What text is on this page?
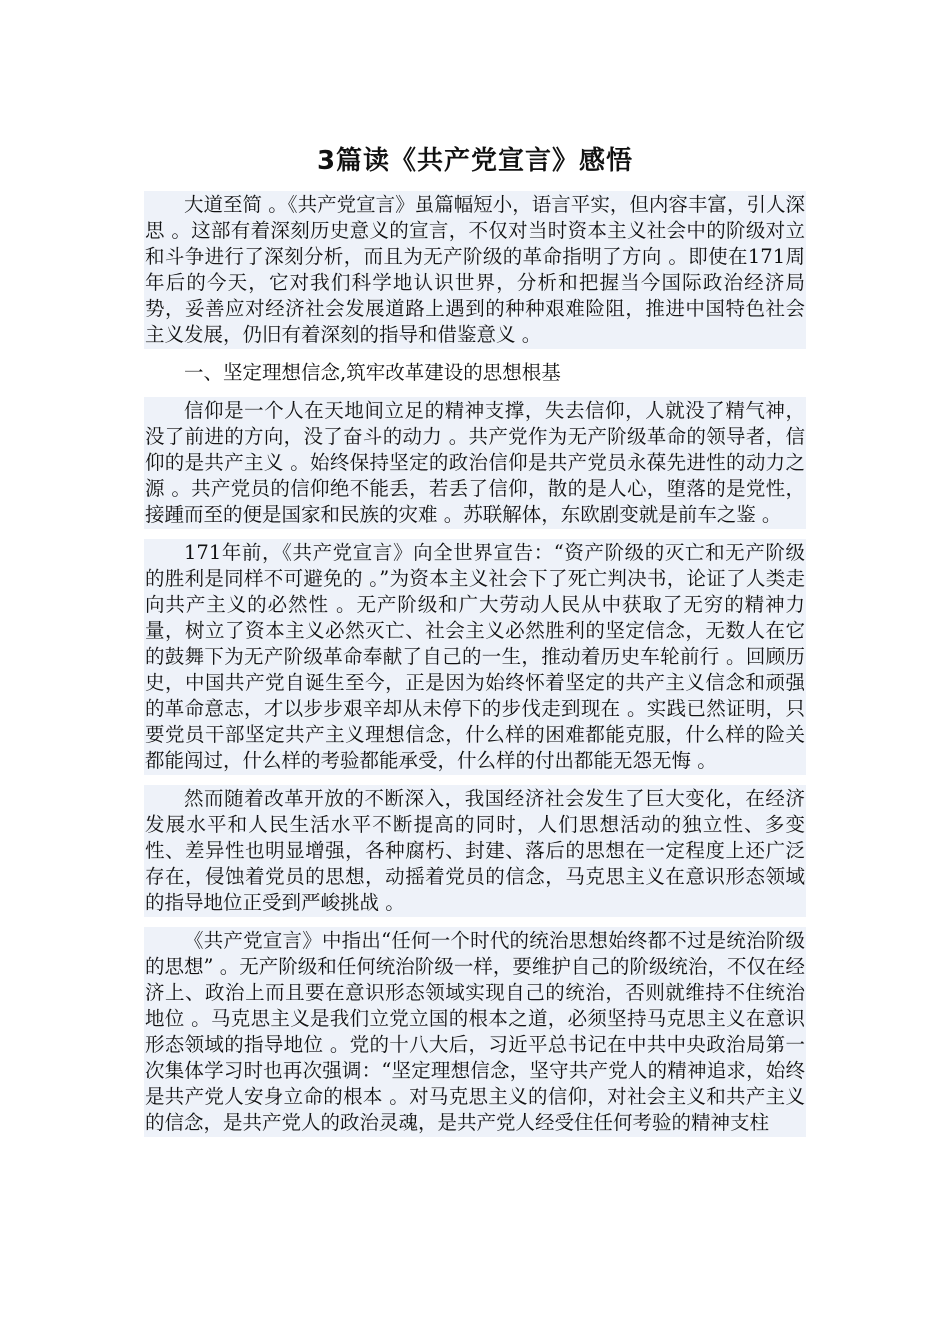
3篇读《共产党宣言》感悟

大道至简 。《共产党宣言》虽篇幅短小，语言平实，但内容丰富，引人深思 。这部有着深刻历史意义的宣言，不仅对当时资本主义社会中的阶级对立和斗争进行了深刻分析，而且为无产阶级的革命指明了方向 。即使在171周年后的今天，它对我们科学地认识世界，分析和把握当今国际政治经济局势，妥善应对经济社会发展道路上遇到的种种艰难险阻，推进中国特色社会主义发展，仍旧有着深刻的指导和借鉴意义 。

一、坚定理想信念,筑牢改革建设的思想根基

信仰是一个人在天地间立足的精神支撑，失去信仰，人就没了精气神，没了前进的方向，没了奋斗的动力 。共产党作为无产阶级革命的领导者，信仰的是共产主义 。始终保持坚定的政治信仰是共产党员永葆先进性的动力之源 。共产党员的信仰绝不能丢，若丢了信仰，散的是人心，堕落的是党性，接踵而至的便是国家和民族的灾难 。苏联解体，东欧剧变就是前车之鉴 。

171年前，《共产党宣言》向全世界宣告：“资产阶级的灭亡和无产阶级的胜利是同样不可避免的 。”为资本主义社会下了死亡判决书，论证了人类走向共产主义的必然性 。无产阶级和广大劳动人民从中获取了无穷的精神力量，树立了资本主义必然灭亡、社会主义必然胜利的坚定信念，无数人在它的鼓舞下为无产阶级革命奉献了自己的一生，推动着历史车轮前行 。回顾历史，中国共产党自诞生至今，正是因为始终怀着坚定的共产主义信念和顽强的革命意志，才以步步艰辛却从未停下的步伐走到现在 。实践已然证明，只要党员干部坚定共产主义理想信念，什么样的困难都能克服，什么样的险关都能闯过，什么样的考验都能承受，什么样的付出都能无怨无悔 。

然而随着改革开放的不断深入，我国经济社会发生了巨大变化，在经济发展水平和人民生活水平不断提高的同时，人们思想活动的独立性、多变性、差异性也明显增强，各种腐朽、封建、落后的思想在一定程度上还广泛存在，侵蚀着党员的思想，动摇着党员的信念，马克思主义在意识形态领域的指导地位正受到严峻挑战 。

《共产党宣言》中指出“任何一个时代的统治思想始终都不过是统治阶级的思想” 。无产阶级和任何统治阶级一样，要维护自己的阶级统治，不仅在经济上、政治上而且要在意识形态领域实现自己的统治，否则就维持不住统治地位 。马克思主义是我们立党立国的根本之道，必须坚持马克思主义在意识形态领域的指导地位 。党的十八大后，习近平总书记在中共中央政治局第一次集体学习时也再次强调：“坚定理想信念，坚守共产党人的精神追求，始终是共产党人安身立命的根本 。对马克思主义的信仰，对社会主义和共产主义的信念，是共产党人的政治灵魂，是共产党人经受住任何考验的精神支柱
